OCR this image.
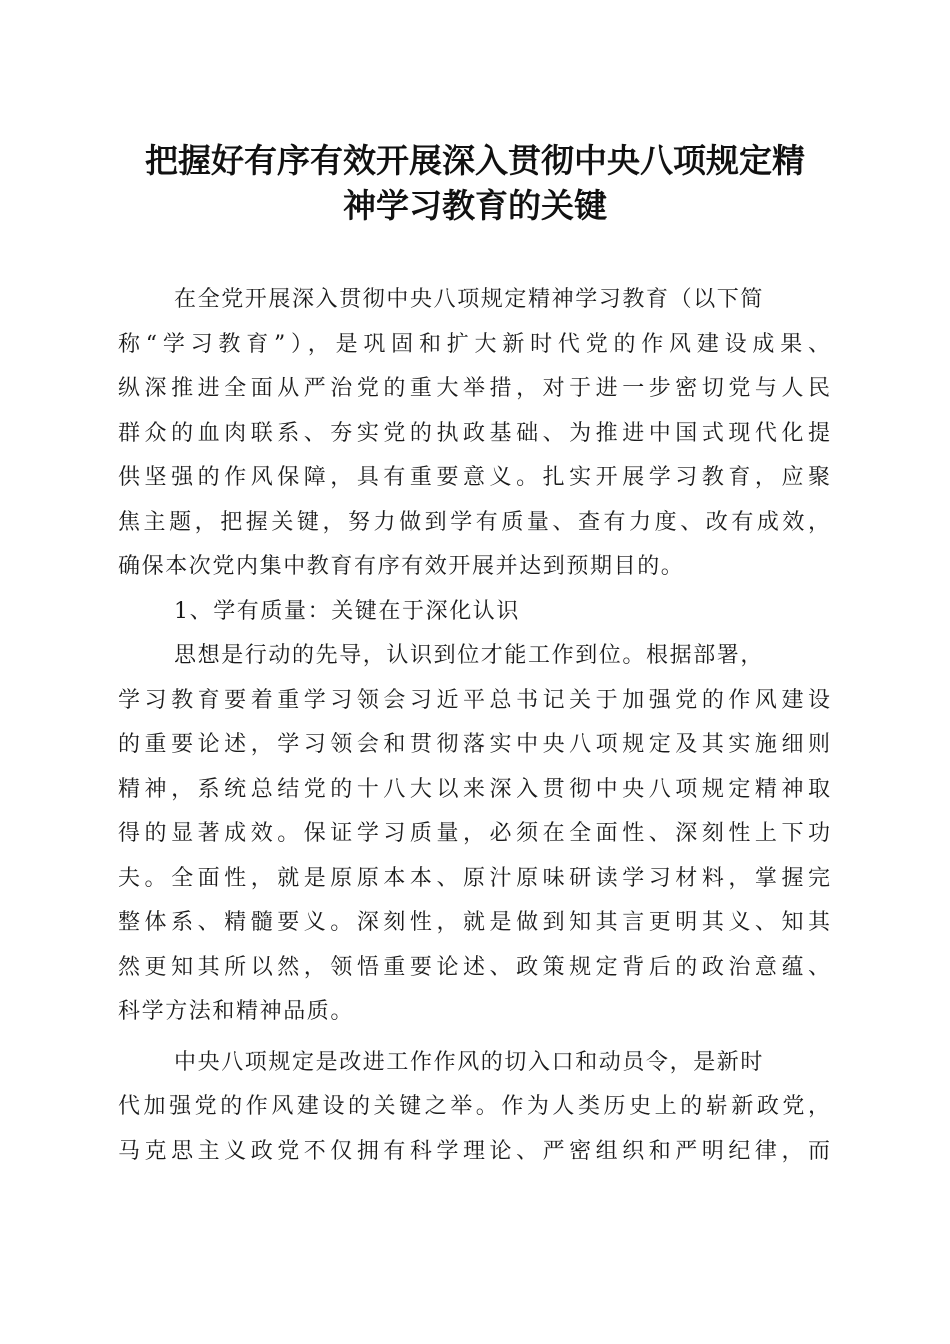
把握好有序有效开展深入贯彻中央八项规定精
神学习教育的关键
在全党开展深入贯彻中央八项规定精神学习教育（以下简
称“学习教育”），是巩固和扩大新时代党的作风建设成果、
纵深推进全面从严治党的重大举措，对于进一步密切党与人民
群众的血肉联系、夯实党的执政基础、为推进中国式现代化提
供坚强的作风保障，具有重要意义。扎实开展学习教育，应聚
焦主题，把握关键，努力做到学有质量、查有力度、改有成效，
确保本次党内集中教育有序有效开展并达到预期目的。
1、学有质量：关键在于深化认识
思想是行动的先导，认识到位才能工作到位。根据部署，
学习教育要着重学习领会习近平总书记关于加强党的作风建设
的重要论述，学习领会和贯彻落实中央八项规定及其实施细则
精神，系统总结党的十八大以来深入贯彻中央八项规定精神取
得的显著成效。保证学习质量，必须在全面性、深刻性上下功
夫。全面性，就是原原本本、原汁原味研读学习材料，掌握完
整体系、精髓要义。深刻性，就是做到知其言更明其义、知其
然更知其所以然，领悟重要论述、政策规定背后的政治意蕴、
科学方法和精神品质。
中央八项规定是改进工作作风的切入口和动员令，是新时
代加强党的作风建设的关键之举。作为人类历史上的崭新政党，
马克思主义政党不仅拥有科学理论、严密组织和严明纪律，而
